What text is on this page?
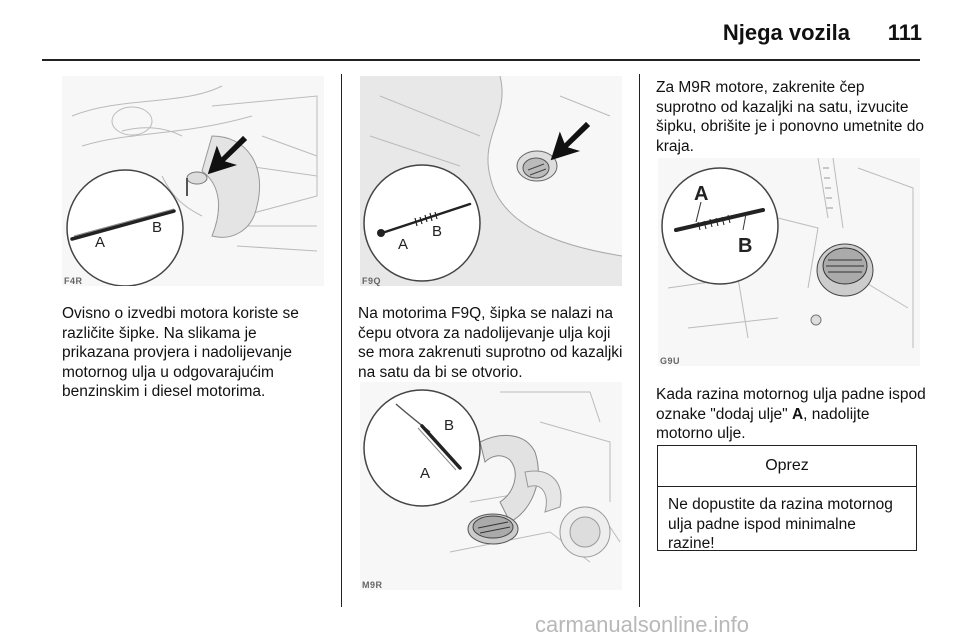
Njega vozila	111
A
B
F4R
A
B
F9Q
B
A
M9R
A
B
G9U
Ovisno o izvedbi motora koriste se različite šipke. Na slikama je prikazana provjera i nadolijevanje motornog ulja u odgovarajućim benzinskim i diesel motorima.
Na motorima F9Q, šipka se nalazi na čepu otvora za nadolijevanje ulja koji se mora zakrenuti suprotno od kazaljki na satu da bi se otvorio.
Za M9R motore, zakrenite čep suprotno od kazaljki na satu, izvucite šipku, obrišite je i ponovno umetnite do kraja.
Kada razina motornog ulja padne ispod oznake "dodaj ulje" A, nadolijte motorno ulje.
Oprez
Ne dopustite da razina motornog ulja padne ispod minimalne razine!
carmanualsonline.info
